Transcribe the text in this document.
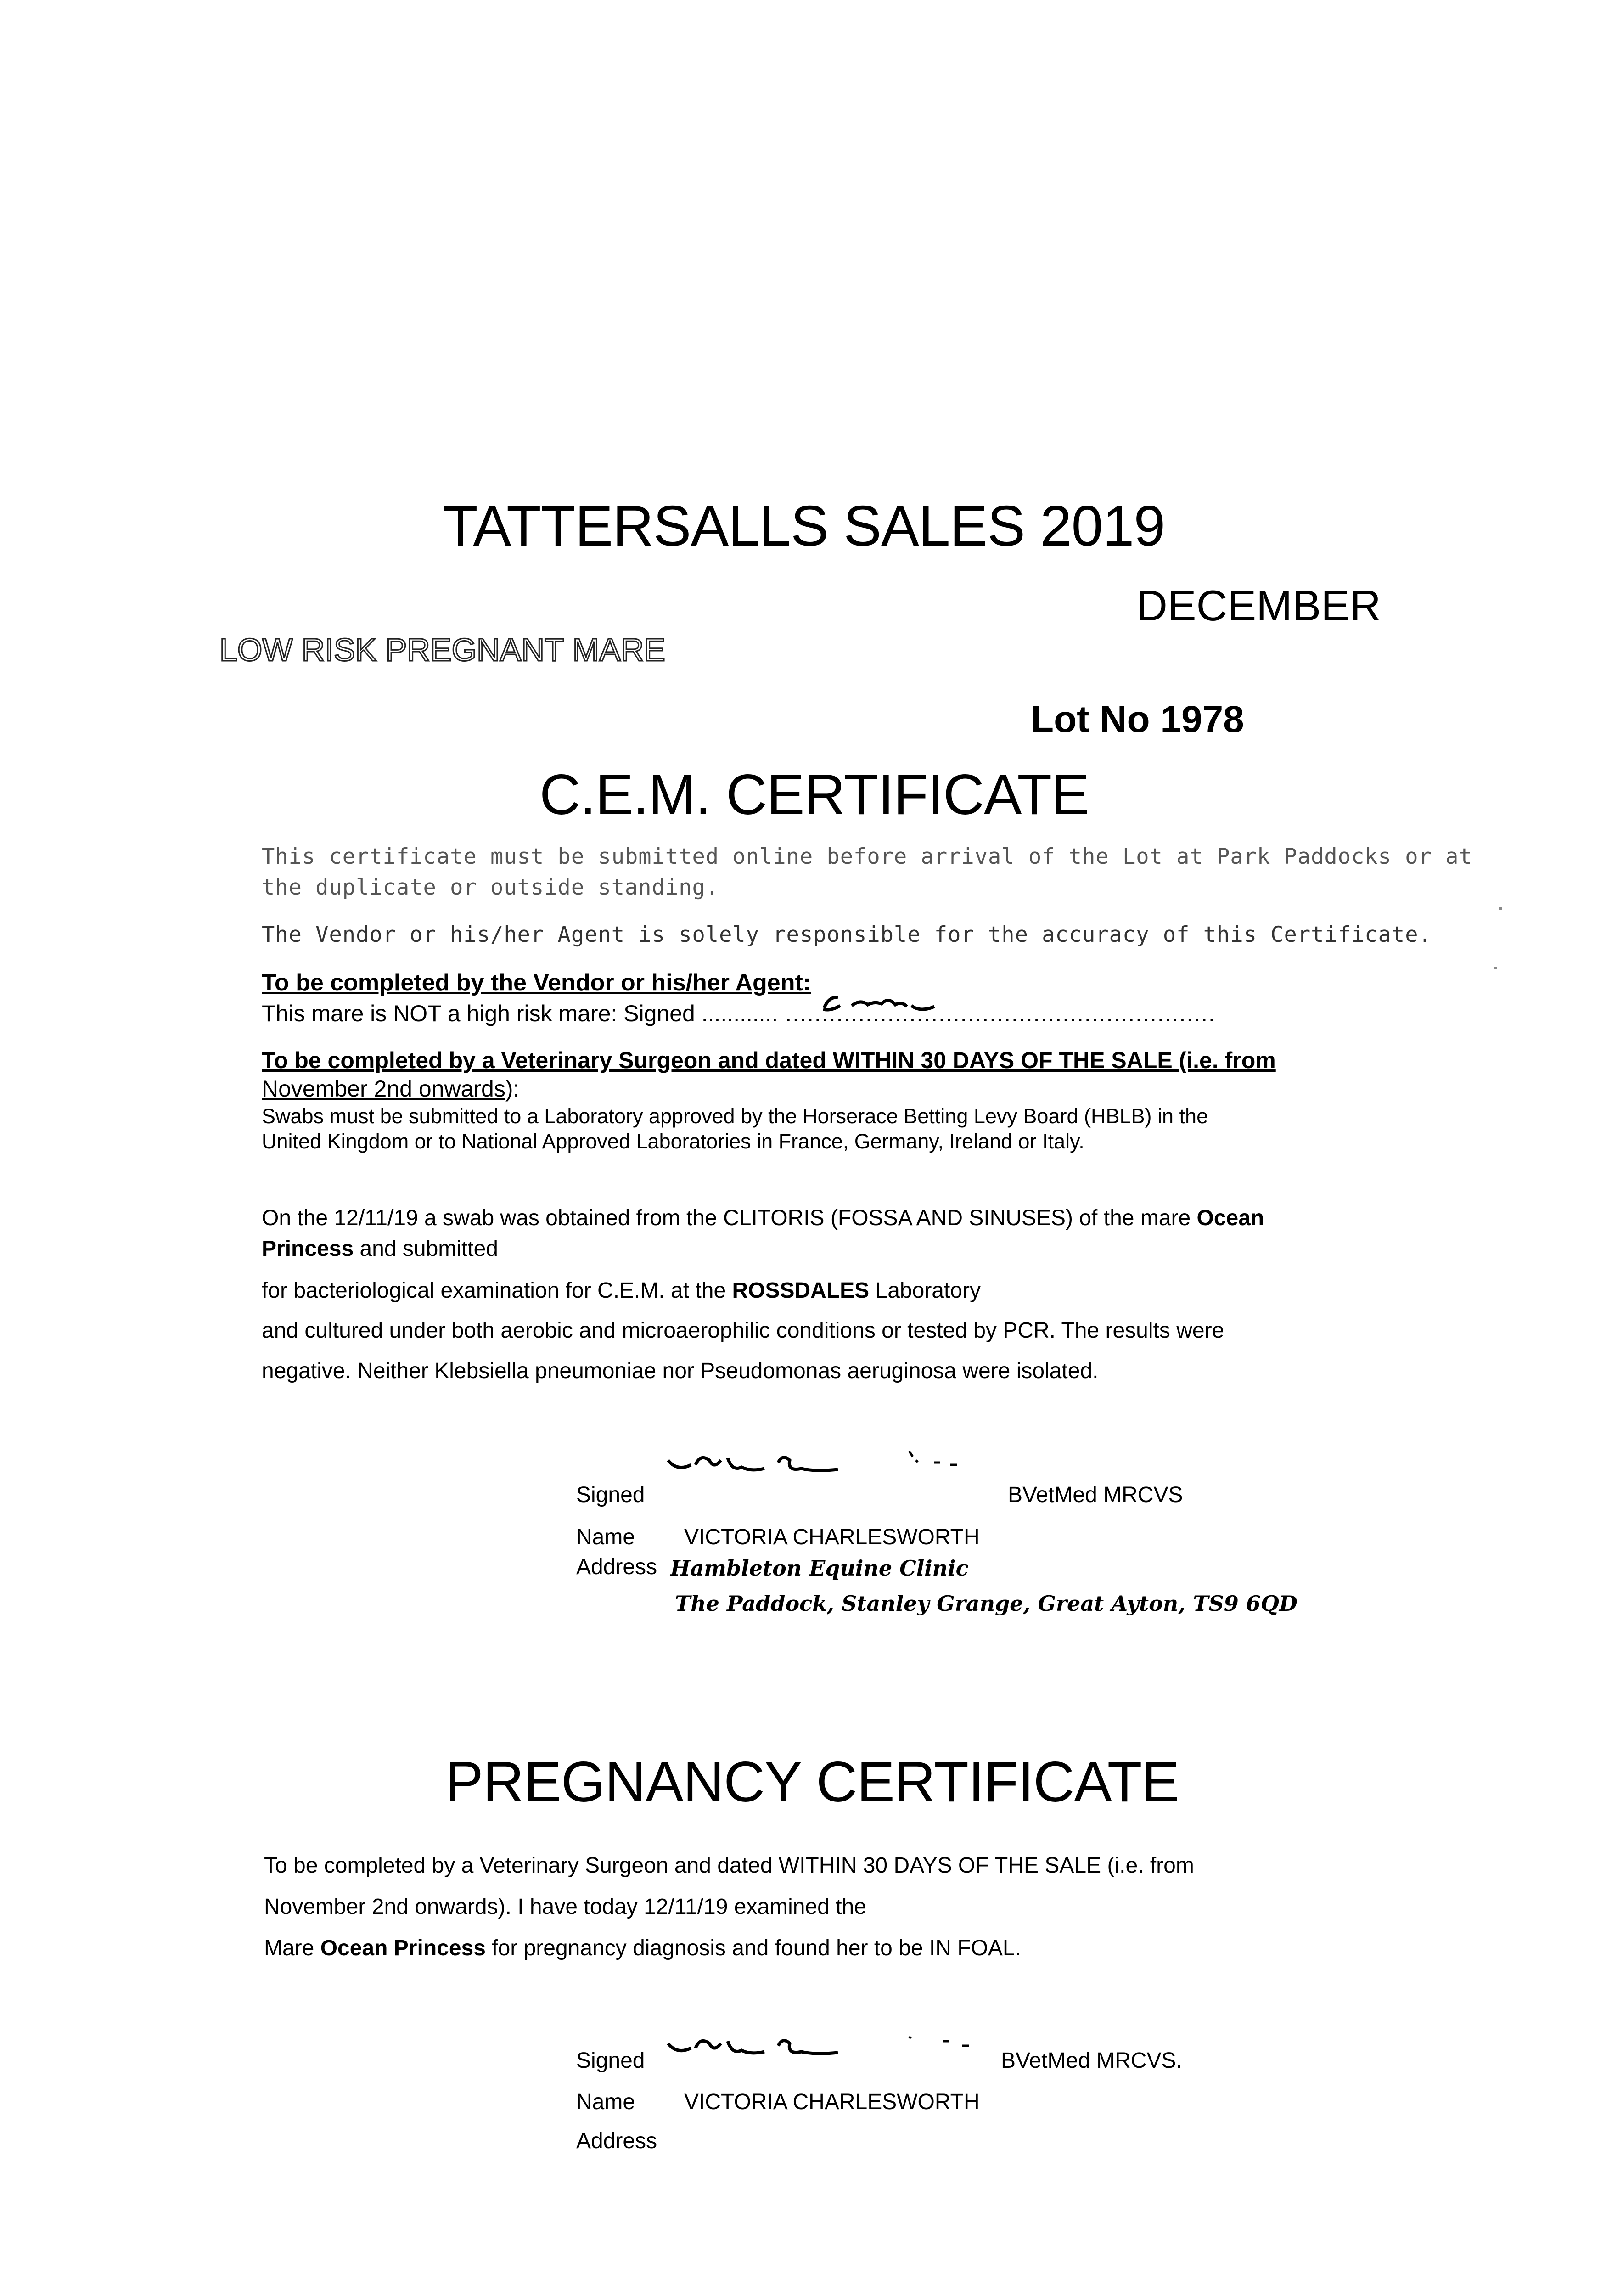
TATTERSALLS SALES 2019
DECEMBER
LOW RISK PREGNANT MARE
Lot No 1978
C.E.M. CERTIFICATE
This certificate must be submitted online before arrival of the Lot at Park Paddocks or at
the duplicate or outside standing.
The Vendor or his/her Agent is solely responsible for the accuracy of this Certificate.
To be completed by the Vendor or his/her Agent:
This mare is NOT a high risk mare: Signed ............ ...........................................................
To be completed by a Veterinary Surgeon and dated WITHIN 30 DAYS OF THE SALE (i.e. from
November 2nd onwards):
Swabs must be submitted to a Laboratory approved by the Horserace Betting Levy Board (HBLB) in the
United Kingdom or to National Approved Laboratories in France, Germany, Ireland or Italy.
On the 12/11/19 a swab was obtained from the CLITORIS (FOSSA AND SINUSES) of the mare Ocean
Princess and submitted
for bacteriological examination for C.E.M. at the ROSSDALES Laboratory
and cultured under both aerobic and microaerophilic conditions or tested by PCR. The results were
negative. Neither Klebsiella pneumoniae nor Pseudomonas aeruginosa were isolated.
Signed	BVetMed MRCVS
Name VICTORIA CHARLESWORTH
Address Hambleton Equine Clinic
The Paddock, Stanley Grange, Great Ayton, TS9 6QD
PREGNANCY CERTIFICATE
To be completed by a Veterinary Surgeon and dated WITHIN 30 DAYS OF THE SALE (i.e. from
November 2nd onwards). I have today 12/11/19 examined the
Mare Ocean Princess for pregnancy diagnosis and found her to be IN FOAL.
Signed	BVetMed MRCVS.
Name VICTORIA CHARLESWORTH
Address
